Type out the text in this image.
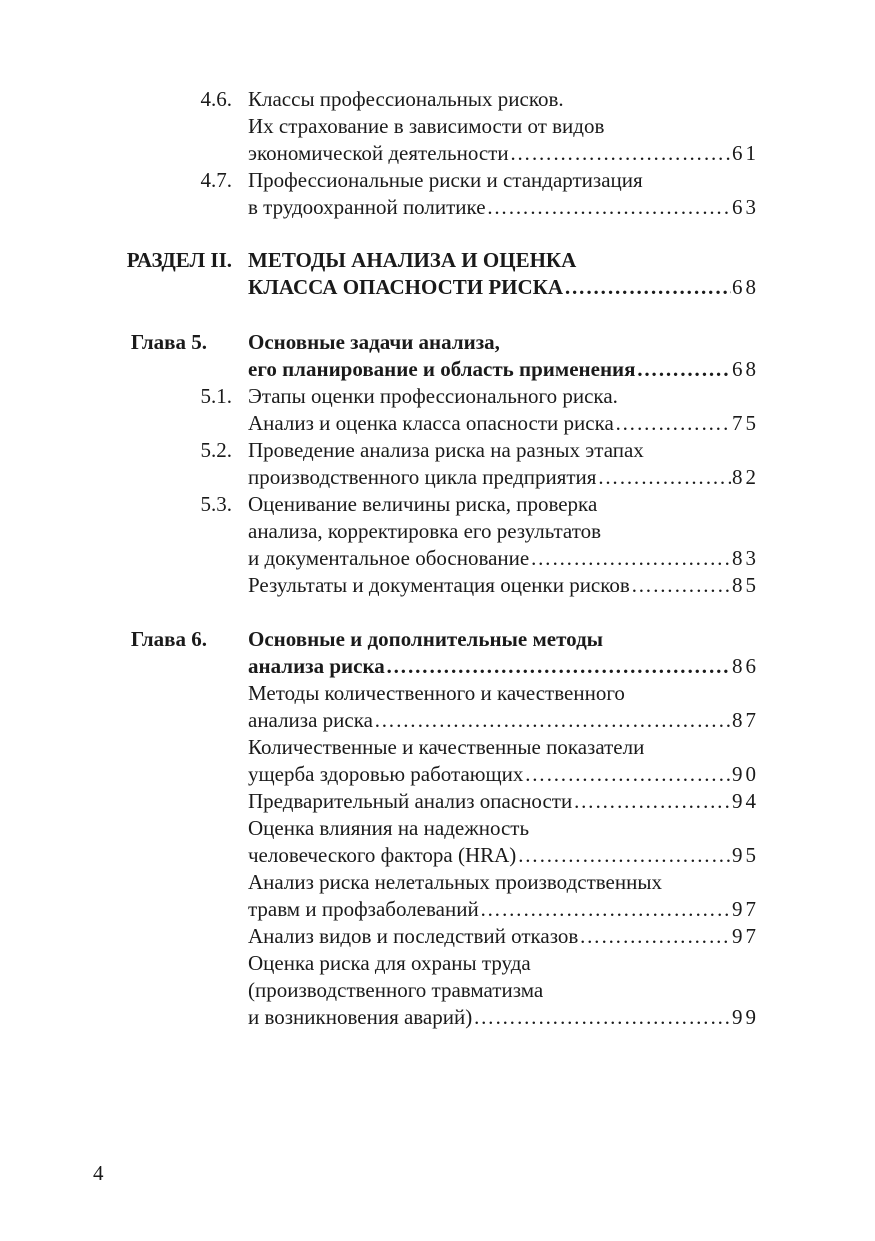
4.6. Классы профессиональных рисков.
Их страхование в зависимости от видов
экономической деятельности …………………………………………………………………………………………………………………………	61
4.7. Профессиональные риски и стандартизация
в трудоохранной политике …………………………………………………………………………………………………………………………	63
РАЗДЕЛ II. МЕТОДЫ АНАЛИЗА И ОЦЕНКА
КЛАССА ОПАСНОСТИ РИСКА …………………………………………………………………………………………………………………………	68
Глава 5. Основные задачи анализа,
его планирование и область применения …………………………………………………………………………………………………………………………	68
5.1. Этапы оценки профессионального риска.
Анализ и оценка класса опасности риска …………………………………………………………………………………………………………………………	75
5.2. Проведение анализа риска на разных этапах
производственного цикла предприятия …………………………………………………………………………………………………………………………	82
5.3. Оценивание величины риска, проверка
анализа, корректировка его результатов
и документальное обоснование …………………………………………………………………………………………………………………………	83
Результаты и документация оценки рисков …………………………………………………………………………………………………………………………	85
Глава 6. Основные и дополнительные методы
анализа риска …………………………………………………………………………………………………………………………	86
Методы количественного и качественного
анализа риска …………………………………………………………………………………………………………………………	87
Количественные и качественные показатели
ущерба здоровью работающих …………………………………………………………………………………………………………………………	90
Предварительный анализ опасности …………………………………………………………………………………………………………………………	94
Оценка влияния на надежность
человеческого фактора (HRA) …………………………………………………………………………………………………………………………	95
Анализ риска нелетальных производственных
травм и профзаболеваний …………………………………………………………………………………………………………………………	97
Анализ видов и последствий отказов …………………………………………………………………………………………………………………………	97
Оценка риска для охраны труда
(производственного травматизма
и возникновения аварий) …………………………………………………………………………………………………………………………	99
4
